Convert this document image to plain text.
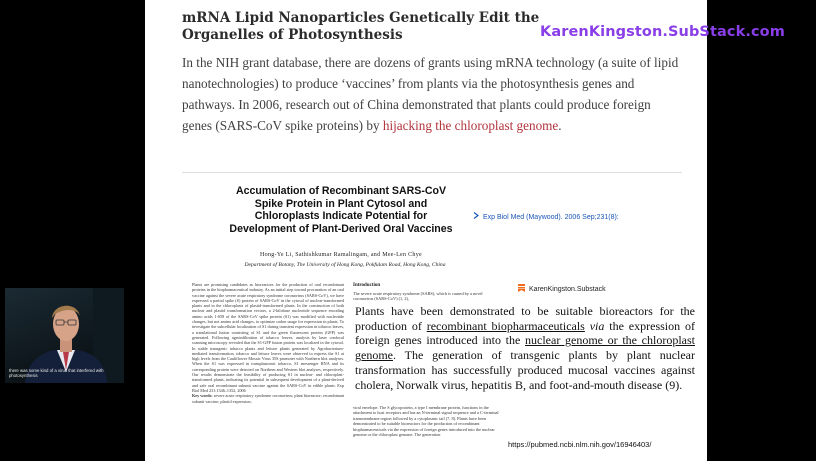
mRNA Lipid Nanoparticles Genetically Edit the Organelles of Photosynthesis	KarenKingston.SubStack.com
In the NIH grant database, there are dozens of grants using mRNA technology (a suite of lipid nanotechnologies) to produce ‘vaccines’ from plants via the photosynthesis genes and pathways. In 2006, research out of China demonstrated that plants could produce foreign genes (SARS-CoV spike proteins) by hijacking the chloroplast genome.
Accumulation of Recombinant SARS-CoV Spike Protein in Plant Cytosol and Chloroplasts Indicate Potential for Development of Plant-Derived Oral Vaccines
Hong-Ye Li, Sathishkumar Ramalingam, and Mee-Len Chye
Department of Botany, The University of Hong Kong, Pokfulam Road, Hong Kong, China
Exp Biol Med (Maywood). 2006 Sep;231(8):
Plants are promising candidates as bioreactors for the production of oral recombinant proteins in the biopharmaceutical industry. As an initial step toward procuration of an oral vaccine against the severe acute respiratory syndrome coronavirus (SARS-CoV), we have expressed a partial spike (S) protein of SARS-CoV in the cytosol of nuclear-transformed plants and in the chloroplasts of plastid-transformed plants. In the construction of both nuclear and plastid transformation vectors, a 2-kilobase nucleotide sequence encoding amino acids 1-658 of the SARS-CoV spike protein (S1) was modified with nucleotide changes, but not amino acid changes, to optimize codon usage for expression in plants. To investigate the subcellular localization of S1 during transient expression in tobacco leaves, a translational fusion consisting of S1 and the green fluorescent protein (GFP) was generated. Following agroinfiltration of tobacco leaves, analysis by laser confocal scanning microscopy revealed that the S1-GFP fusion protein was localized in the cytosol. In stable transgenic tobacco plants and lettuce plants generated by Agrobacterium-mediated transformation, tobacco and lettuce leaves were observed to express the S1 at high levels from the Cauliflower Mosaic Virus 35S promoter with Northern blot analyses. When the S1 was expressed in transplastomic tobacco, S1 messenger RNA and its corresponding protein were detected on Northern and Western blot analyses, respectively. Our results demonstrate the feasibility of producing S1 in nuclear- and chloroplast-transformed plants, indicating its potential in subsequent development of a plant-derived and safe oral recombinant subunit vaccine against the SARS-CoV in edible plants. Exp Biol Med 231:1346–1352, 2006
Key words: severe acute respiratory syndrome coronavirus; plant bioreactor; recombinant subunit vaccine; plastid expression;
Introduction
The severe acute respiratory syndrome (SARS), which is caused by a novel coronavirus (SARS-CoV) (1, 2),
KarenKingston.Substack
Plants have been demonstrated to be suitable bioreactors for the production of recombinant biopharmaceuticals via the expression of foreign genes introduced into the nuclear genome or the chloroplast genome. The generation of transgenic plants by plant nuclear transformation has successfully produced mucosal vaccines against cholera, Norwalk virus, hepatitis B, and foot-and-mouth disease (9).
viral envelope. The S glycoprotein, a type I membrane protein, functions in the attachment to host receptors and has an N-terminal signal sequence and a C-terminal transmembrane region followed by a cytoplasmic tail (7, 8). Plants have been demonstrated to be suitable bioreactors for the production of recombinant biopharmaceuticals via the expression of foreign genes introduced into the nuclear genome or the chloroplast genome. The generation
https://pubmed.ncbi.nlm.nih.gov/16946403/
there was some kind of a virus that interfered with photosynthesis
